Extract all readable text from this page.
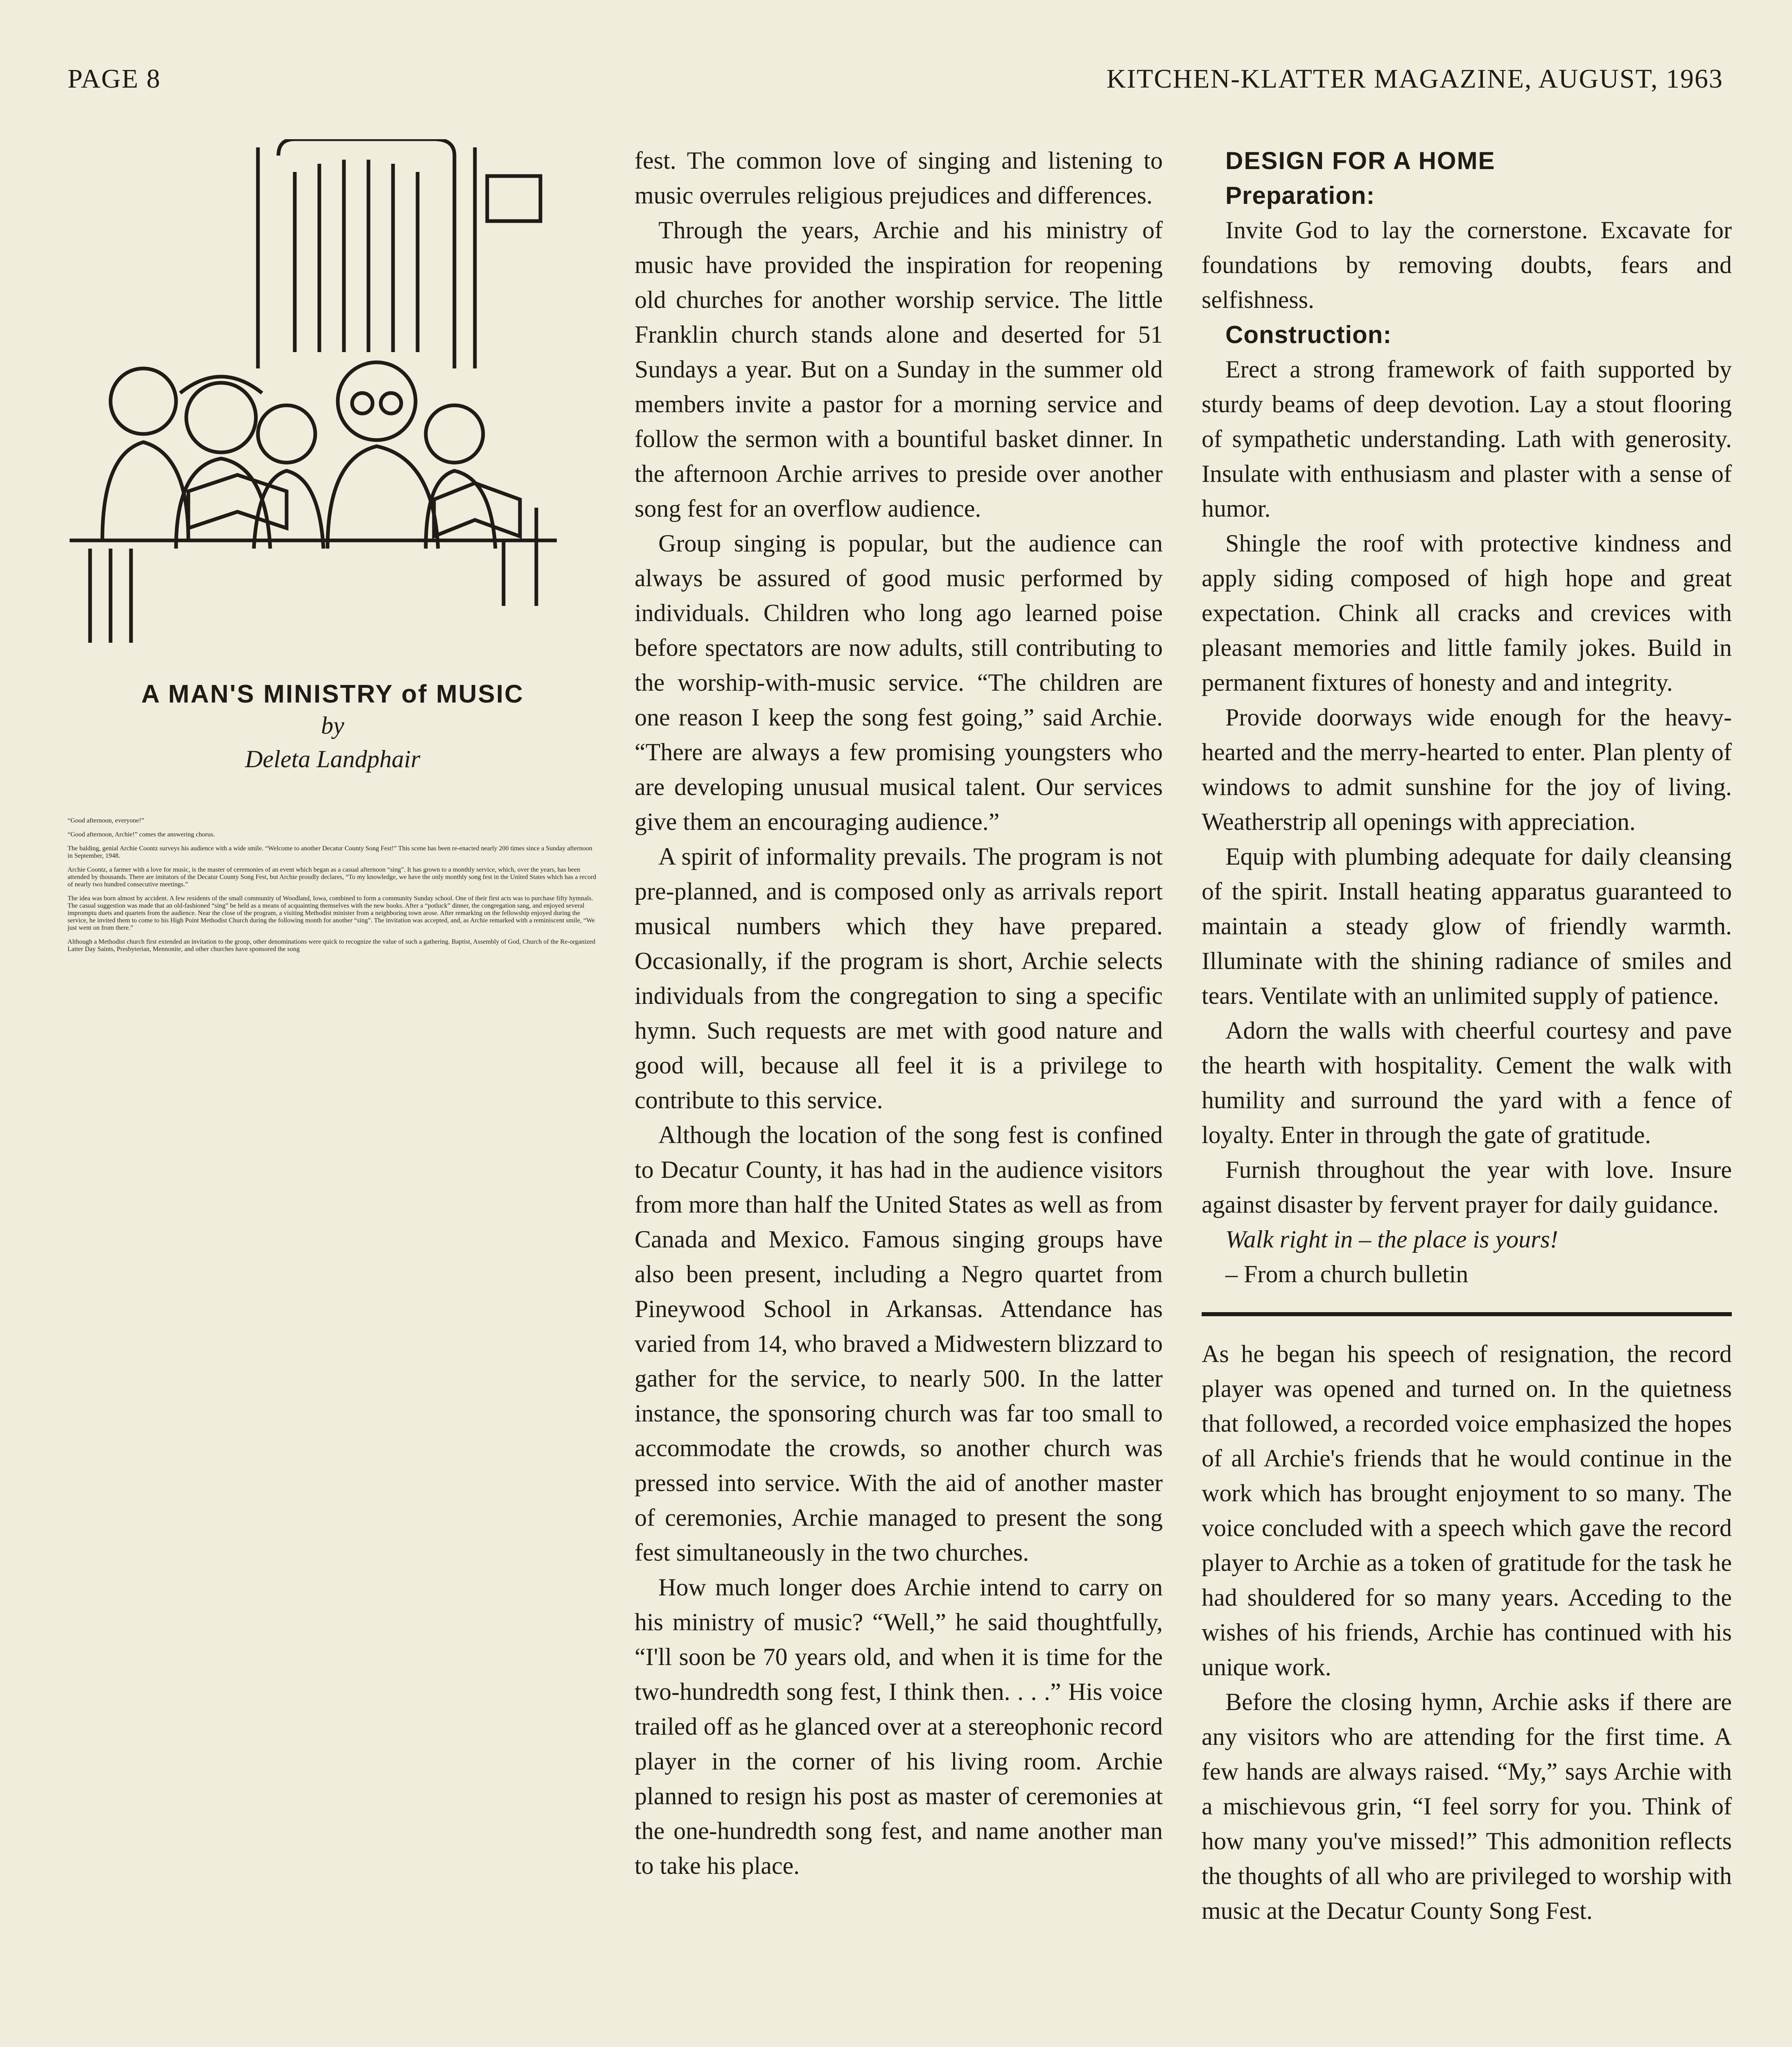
PAGE 8	KITCHEN-KLATTER MAGAZINE, AUGUST, 1963

A MAN'S MINISTRY of MUSIC

by

Deleta Landphair

“Good afternoon, everyone!”

“Good afternoon, Archie!” comes the answering chorus.

The balding, genial Archie Coontz surveys his audience with a wide smile. “Welcome to another Decatur County Song Fest!” This scene has been re-enacted nearly 200 times since a Sunday afternoon in September, 1948.

Archie Coontz, a farmer with a love for music, is the master of ceremonies of an event which began as a casual afternoon “sing”. It has grown to a monthly service, which, over the years, has been attended by thousands. There are imitators of the Decatur County Song Fest, but Archie proudly declares, “To my knowledge, we have the only monthly song fest in the United States which has a record of nearly two hundred consecutive meetings.”

The idea was born almost by accident. A few residents of the small community of Woodland, Iowa, combined to form a community Sunday school. One of their first acts was to purchase fifty hymnals. The casual suggestion was made that an old-fashioned “sing” be held as a means of acquainting themselves with the new books. After a “potluck” dinner, the congregation sang, and enjoyed several impromptu duets and quartets from the audience. Near the close of the program, a visiting Methodist minister from a neighboring town arose. After remarking on the fellowship enjoyed during the service, he invited them to come to his High Point Methodist Church during the following month for another “sing”. The invitation was accepted, and, as Archie remarked with a reminiscent smile, “We just went on from there.”

Although a Methodist church first extended an invitation to the group, other denominations were quick to recognize the value of such a gathering. Baptist, Assembly of God, Church of the Re-organized Latter Day Saints, Presbyterian, Mennonite, and other churches have sponsored the song

fest. The common love of singing and listening to music overrules religious prejudices and differences.

Through the years, Archie and his ministry of music have provided the inspiration for reopening old churches for another worship service. The little Franklin church stands alone and deserted for 51 Sundays a year. But on a Sunday in the summer old members invite a pastor for a morning service and follow the sermon with a bountiful basket dinner. In the afternoon Archie arrives to preside over another song fest for an overflow audience.

Group singing is popular, but the audience can always be assured of good music performed by individuals. Children who long ago learned poise before spectators are now adults, still contributing to the worship-with-music service. “The children are one reason I keep the song fest going,” said Archie. “There are always a few promising youngsters who are developing unusual musical talent. Our services give them an encouraging audience.”

A spirit of informality prevails. The program is not pre-planned, and is composed only as arrivals report musical numbers which they have prepared. Occasionally, if the program is short, Archie selects individuals from the congregation to sing a specific hymn. Such requests are met with good nature and good will, because all feel it is a privilege to contribute to this service.

Although the location of the song fest is confined to Decatur County, it has had in the audience visitors from more than half the United States as well as from Canada and Mexico. Famous singing groups have also been present, including a Negro quartet from Pineywood School in Arkansas. Attendance has varied from 14, who braved a Midwestern blizzard to gather for the service, to nearly 500. In the latter instance, the sponsoring church was far too small to accommodate the crowds, so another church was pressed into service. With the aid of another master of ceremonies, Archie managed to present the song fest simultaneously in the two churches.

How much longer does Archie intend to carry on his ministry of music? “Well,” he said thoughtfully, “I'll soon be 70 years old, and when it is time for the two-hundredth song fest, I think then. . . .” His voice trailed off as he glanced over at a stereophonic record player in the corner of his living room. Archie planned to resign his post as master of ceremonies at the one-hundredth song fest, and name another man to take his place.

DESIGN FOR A HOME

Preparation:

Invite God to lay the cornerstone. Excavate for foundations by removing doubts, fears and selfishness.

Construction:

Erect a strong framework of faith supported by sturdy beams of deep devotion. Lay a stout flooring of sympathetic understanding. Lath with generosity. Insulate with enthusiasm and plaster with a sense of humor.

Shingle the roof with protective kindness and apply siding composed of high hope and great expectation. Chink all cracks and crevices with pleasant memories and little family jokes. Build in permanent fixtures of honesty and and integrity.

Provide doorways wide enough for the heavy-hearted and the merry-hearted to enter. Plan plenty of windows to admit sunshine for the joy of living. Weatherstrip all openings with appreciation.

Equip with plumbing adequate for daily cleansing of the spirit. Install heating apparatus guaranteed to maintain a steady glow of friendly warmth. Illuminate with the shining radiance of smiles and tears. Ventilate with an unlimited supply of patience.

Adorn the walls with cheerful courtesy and pave the hearth with hospitality. Cement the walk with humility and surround the yard with a fence of loyalty. Enter in through the gate of gratitude.

Furnish throughout the year with love. Insure against disaster by fervent prayer for daily guidance.

Walk right in – the place is yours!

– From a church bulletin

As he began his speech of resignation, the record player was opened and turned on. In the quietness that followed, a recorded voice emphasized the hopes of all Archie's friends that he would continue in the work which has brought enjoyment to so many. The voice concluded with a speech which gave the record player to Archie as a token of gratitude for the task he had shouldered for so many years. Acceding to the wishes of his friends, Archie has continued with his unique work.

Before the closing hymn, Archie asks if there are any visitors who are attending for the first time. A few hands are always raised. “My,” says Archie with a mischievous grin, “I feel sorry for you. Think of how many you've missed!” This admonition reflects the thoughts of all who are privileged to worship with music at the Decatur County Song Fest.
